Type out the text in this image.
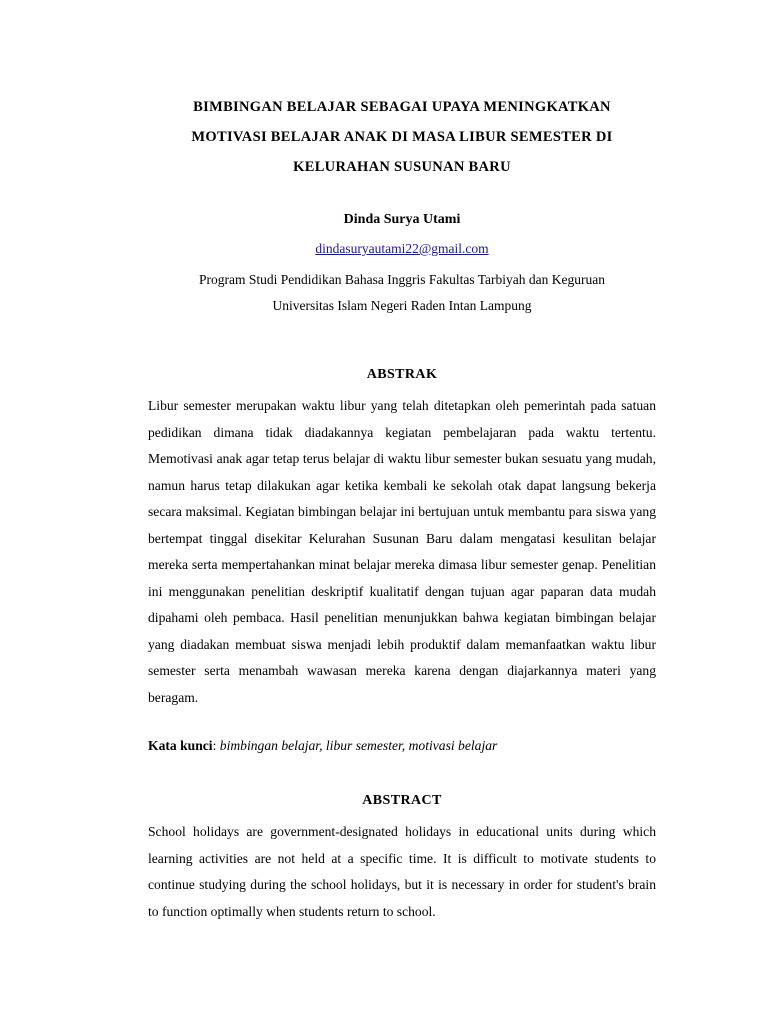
BIMBINGAN BELAJAR SEBAGAI UPAYA MENINGKATKAN
MOTIVASI BELAJAR ANAK DI MASA LIBUR SEMESTER DI
KELURAHAN SUSUNAN BARU
Dinda Surya Utami
dindasuryautami22@gmail.com
Program Studi Pendidikan Bahasa Inggris Fakultas Tarbiyah dan Keguruan
Universitas Islam Negeri Raden Intan Lampung
ABSTRAK

Libur semester merupakan waktu libur yang telah ditetapkan oleh pemerintah pada satuan pedidikan dimana tidak diadakannya kegiatan pembelajaran pada waktu tertentu. Memotivasi anak agar tetap terus belajar di waktu libur semester bukan sesuatu yang mudah, namun harus tetap dilakukan agar ketika kembali ke sekolah otak dapat langsung bekerja secara maksimal. Kegiatan bimbingan belajar ini bertujuan untuk membantu para siswa yang bertempat tinggal disekitar Kelurahan Susunan Baru dalam mengatasi kesulitan belajar mereka serta mempertahankan minat belajar mereka dimasa libur semester genap. Penelitian ini menggunakan penelitian deskriptif kualitatif dengan tujuan agar paparan data mudah dipahami oleh pembaca. Hasil penelitian menunjukkan bahwa kegiatan bimbingan belajar yang diadakan membuat siswa menjadi lebih produktif dalam memanfaatkan waktu libur semester serta menambah wawasan mereka karena dengan diajarkannya materi yang beragam.

Kata kunci: bimbingan belajar, libur semester, motivasi belajar
ABSTRACT

School holidays are government-designated holidays in educational units during which learning activities are not held at a specific time. It is difficult to motivate students to continue studying during the school holidays, but it is necessary in order for student's brain to function optimally when students return to school.
